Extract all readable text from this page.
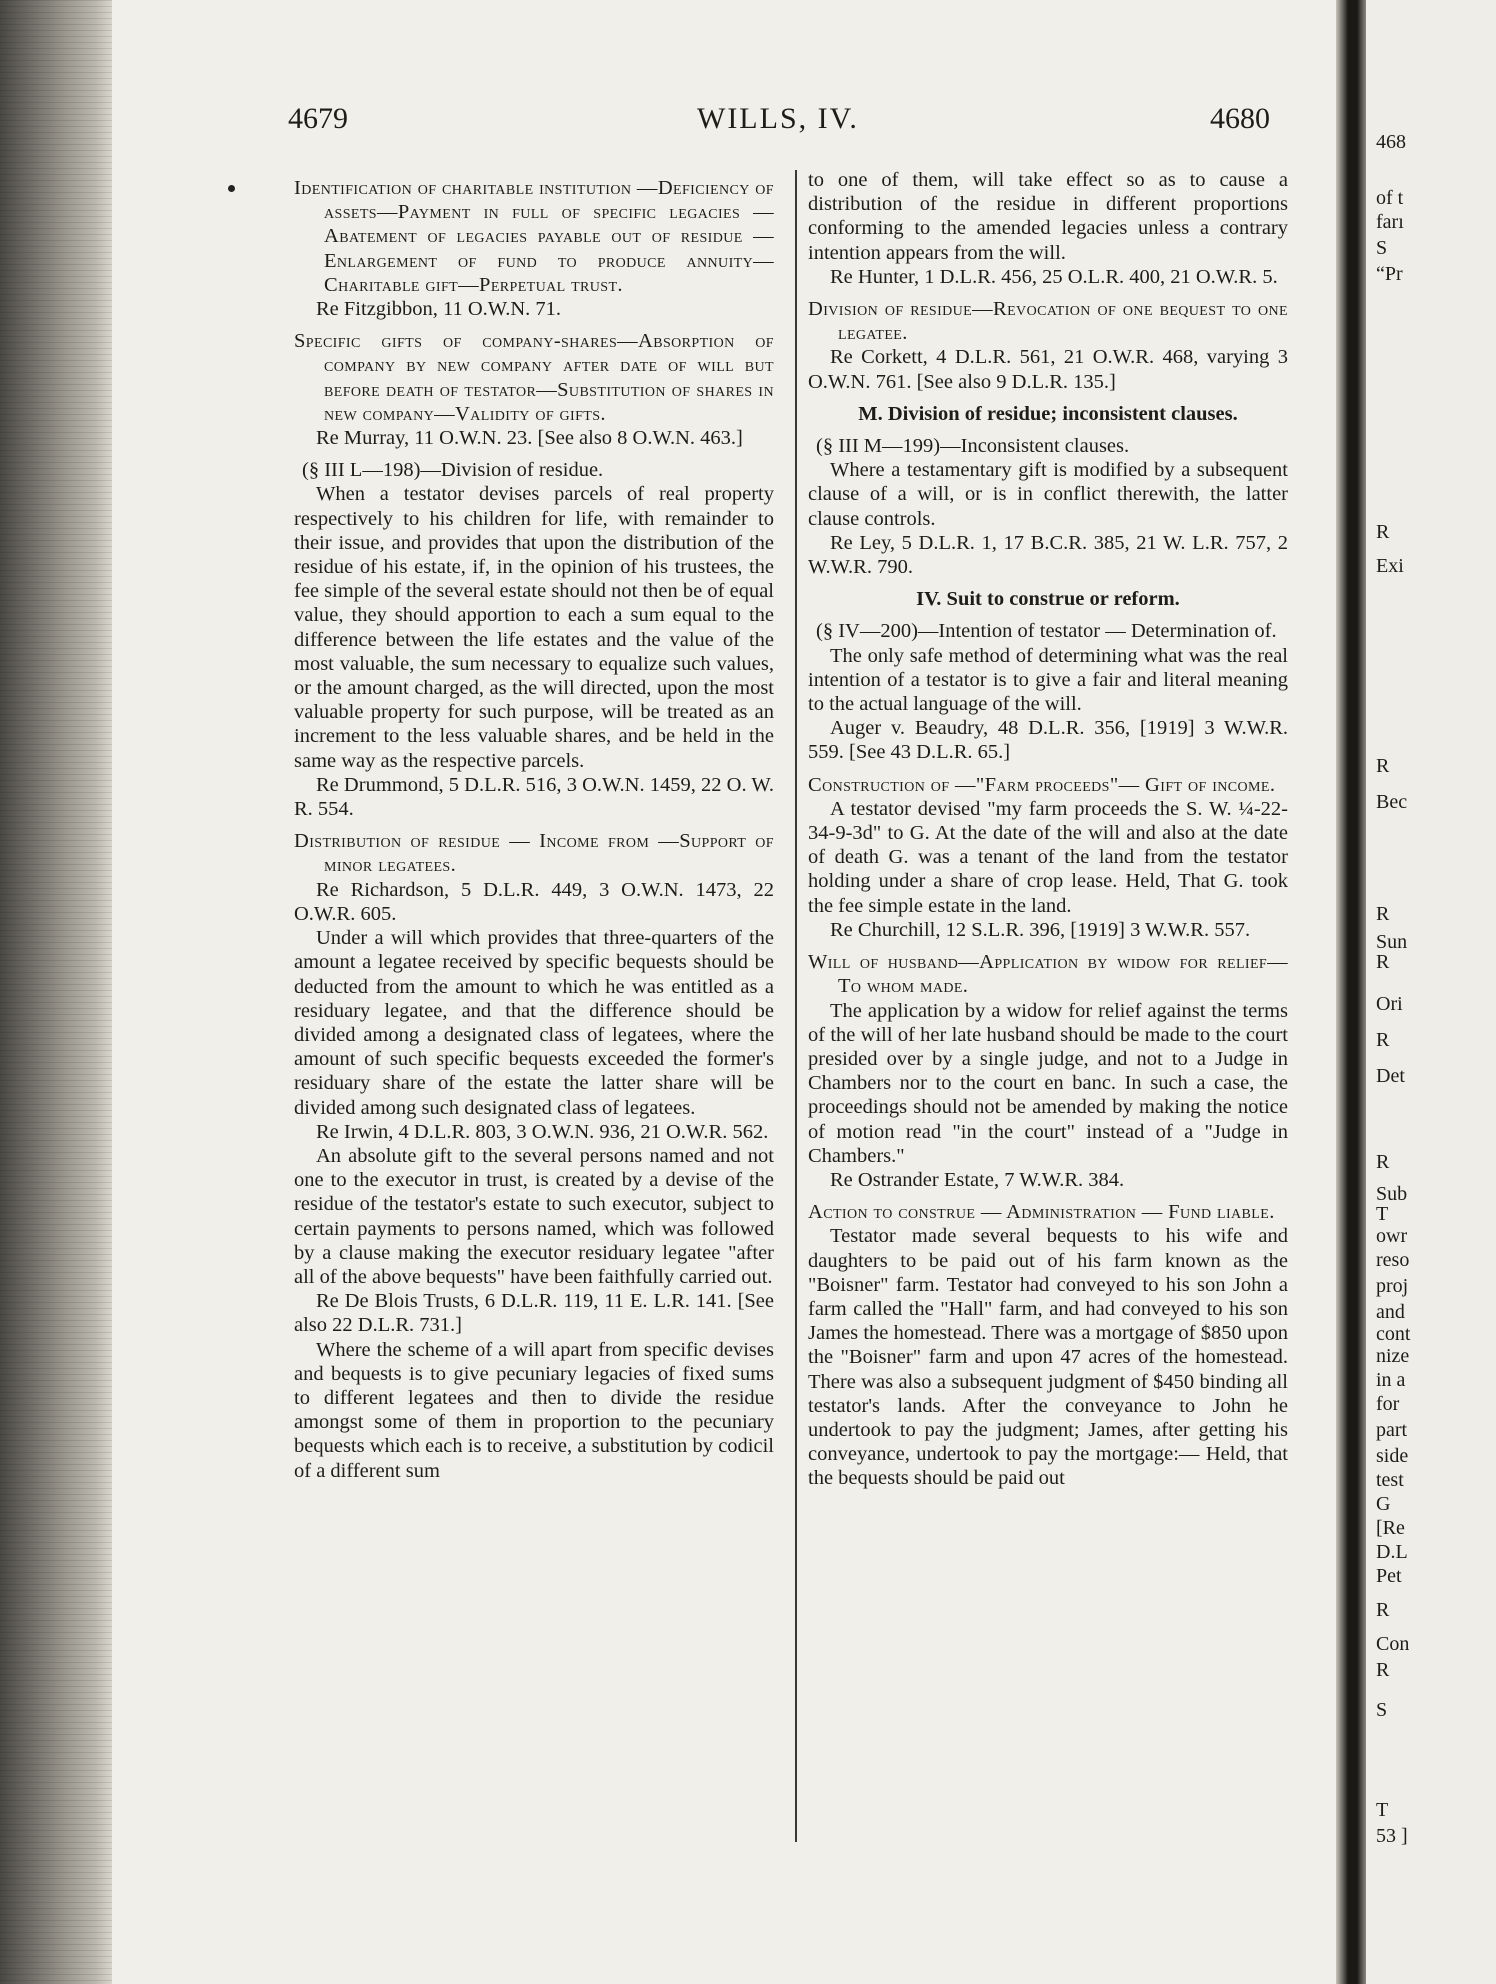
4679	WILLS, IV.	4680

Identification of charitable institution —Deficiency of assets—Payment in full of specific legacies — Abatement of legacies payable out of residue — Enlargement of fund to produce annuity—Charitable gift—Perpetual trust.

Re Fitzgibbon, 11 O.W.N. 71.

Specific gifts of company-shares—Absorption of company by new company after date of will but before death of testator—Substitution of shares in new company—Validity of gifts.

Re Murray, 11 O.W.N. 23. [See also 8 O.W.N. 463.]

(§ III L—198)—Division of residue.

When a testator devises parcels of real property respectively to his children for life, with remainder to their issue, and provides that upon the distribution of the residue of his estate, if, in the opinion of his trustees, the fee simple of the several estate should not then be of equal value, they should apportion to each a sum equal to the difference between the life estates and the value of the most valuable, the sum necessary to equalize such values, or the amount charged, as the will directed, upon the most valuable property for such purpose, will be treated as an increment to the less valuable shares, and be held in the same way as the respective parcels.

Re Drummond, 5 D.L.R. 516, 3 O.W.N. 1459, 22 O. W. R. 554.

Distribution of residue — Income from —Support of minor legatees.

Re Richardson, 5 D.L.R. 449, 3 O.W.N. 1473, 22 O.W.R. 605.

Under a will which provides that three-quarters of the amount a legatee received by specific bequests should be deducted from the amount to which he was entitled as a residuary legatee, and that the difference should be divided among a designated class of legatees, where the amount of such specific bequests exceeded the former's residuary share of the estate the latter share will be divided among such designated class of legatees.

Re Irwin, 4 D.L.R. 803, 3 O.W.N. 936, 21 O.W.R. 562.

An absolute gift to the several persons named and not one to the executor in trust, is created by a devise of the residue of the testator's estate to such executor, subject to certain payments to persons named, which was followed by a clause making the executor residuary legatee "after all of the above bequests" have been faithfully carried out.

Re De Blois Trusts, 6 D.L.R. 119, 11 E. L.R. 141. [See also 22 D.L.R. 731.]

Where the scheme of a will apart from specific devises and bequests is to give pecuniary legacies of fixed sums to different legatees and then to divide the residue amongst some of them in proportion to the pecuniary bequests which each is to receive, a substitution by codicil of a different sum

to one of them, will take effect so as to cause a distribution of the residue in different proportions conforming to the amended legacies unless a contrary intention appears from the will.

Re Hunter, 1 D.L.R. 456, 25 O.L.R. 400, 21 O.W.R. 5.

Division of residue—Revocation of one bequest to one legatee.

Re Corkett, 4 D.L.R. 561, 21 O.W.R. 468, varying 3 O.W.N. 761. [See also 9 D.L.R. 135.]

M. Division of residue; inconsistent clauses.

(§ III M—199)—Inconsistent clauses.

Where a testamentary gift is modified by a subsequent clause of a will, or is in conflict therewith, the latter clause controls.

Re Ley, 5 D.L.R. 1, 17 B.C.R. 385, 21 W. L.R. 757, 2 W.W.R. 790.

IV. Suit to construe or reform.

(§ IV—200)—Intention of testator — Determination of.

The only safe method of determining what was the real intention of a testator is to give a fair and literal meaning to the actual language of the will.

Auger v. Beaudry, 48 D.L.R. 356, [1919] 3 W.W.R. 559. [See 43 D.L.R. 65.]

Construction of —"Farm proceeds"— Gift of income.

A testator devised "my farm proceeds the S. W. ¼-22-34-9-3d" to G. At the date of the will and also at the date of death G. was a tenant of the land from the testator holding under a share of crop lease. Held, That G. took the fee simple estate in the land.

Re Churchill, 12 S.L.R. 396, [1919] 3 W.W.R. 557.

Will of husband—Application by widow for relief—To whom made.

The application by a widow for relief against the terms of the will of her late husband should be made to the court presided over by a single judge, and not to a Judge in Chambers nor to the court en banc. In such a case, the proceedings should not be amended by making the notice of motion read "in the court" instead of a "Judge in Chambers."

Re Ostrander Estate, 7 W.W.R. 384.

Action to construe — Administration — Fund liable.

Testator made several bequests to his wife and daughters to be paid out of his farm known as the "Boisner" farm. Testator had conveyed to his son John a farm called the "Hall" farm, and had conveyed to his son James the homestead. There was a mortgage of $850 upon the "Boisner" farm and upon 47 acres of the homestead. There was also a subsequent judgment of $450 binding all testator's lands. After the conveyance to John he undertook to pay the judgment; James, after getting his conveyance, undertook to pay the mortgage:— Held, that the bequests should be paid out

468
of t
farı
S
“Pr
R
Exi
R
Bec
R
Sun
R
Ori
R
Det
R
Sub
T
owr
reso
proj
and
cont
nize
in a
for
part
side
test
G
[Re
D.L
Pet
R
Con
R
S
T
53 ]
